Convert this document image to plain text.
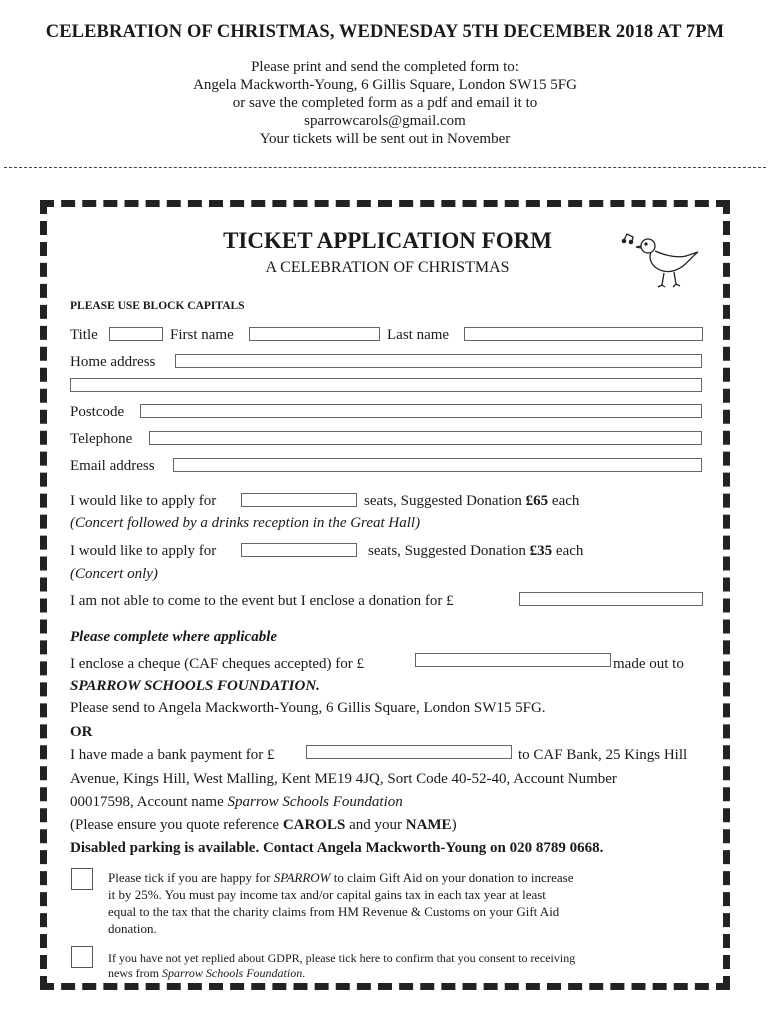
CELEBRATION OF CHRISTMAS, WEDNESDAY 5TH DECEMBER 2018 AT 7PM
Please print and send the completed form to:
Angela Mackworth-Young, 6 Gillis Square, London SW15 5FG
or save the completed form as a pdf and email it to
sparrowcarols@gmail.com
Your tickets will be sent out in November
TICKET APPLICATION FORM
A CELEBRATION OF CHRISTMAS
PLEASE USE BLOCK CAPITALS
Title	First name	Last name
Home address
Postcode
Telephone
Email address
I would like to apply for	seats, Suggested Donation £65 each
(Concert followed by a drinks reception in the Great Hall)
I would like to apply for	seats, Suggested Donation £35 each
(Concert only)
I am not able to come to the event but I enclose a donation for £
Please complete where applicable
I enclose a cheque (CAF cheques accepted) for £	made out to
SPARROW SCHOOLS FOUNDATION.
Please send to Angela Mackworth-Young, 6 Gillis Square, London SW15 5FG.
OR
I have made a bank payment for £	to CAF Bank, 25 Kings Hill
Avenue, Kings Hill, West Malling, Kent ME19 4JQ, Sort Code 40-52-40, Account Number
00017598, Account name Sparrow Schools Foundation
(Please ensure you quote reference CAROLS and your NAME)
Disabled parking is available. Contact Angela Mackworth-Young on 020 8789 0668.
Please tick if you are happy for SPARROW to claim Gift Aid on your donation to increase
it by 25%. You must pay income tax and/or capital gains tax in each tax year at least
equal to the tax that the charity claims from HM Revenue & Customs on your Gift Aid
donation.
If you have not yet replied about GDPR, please tick here to confirm that you consent to receiving
news from Sparrow Schools Foundation.
